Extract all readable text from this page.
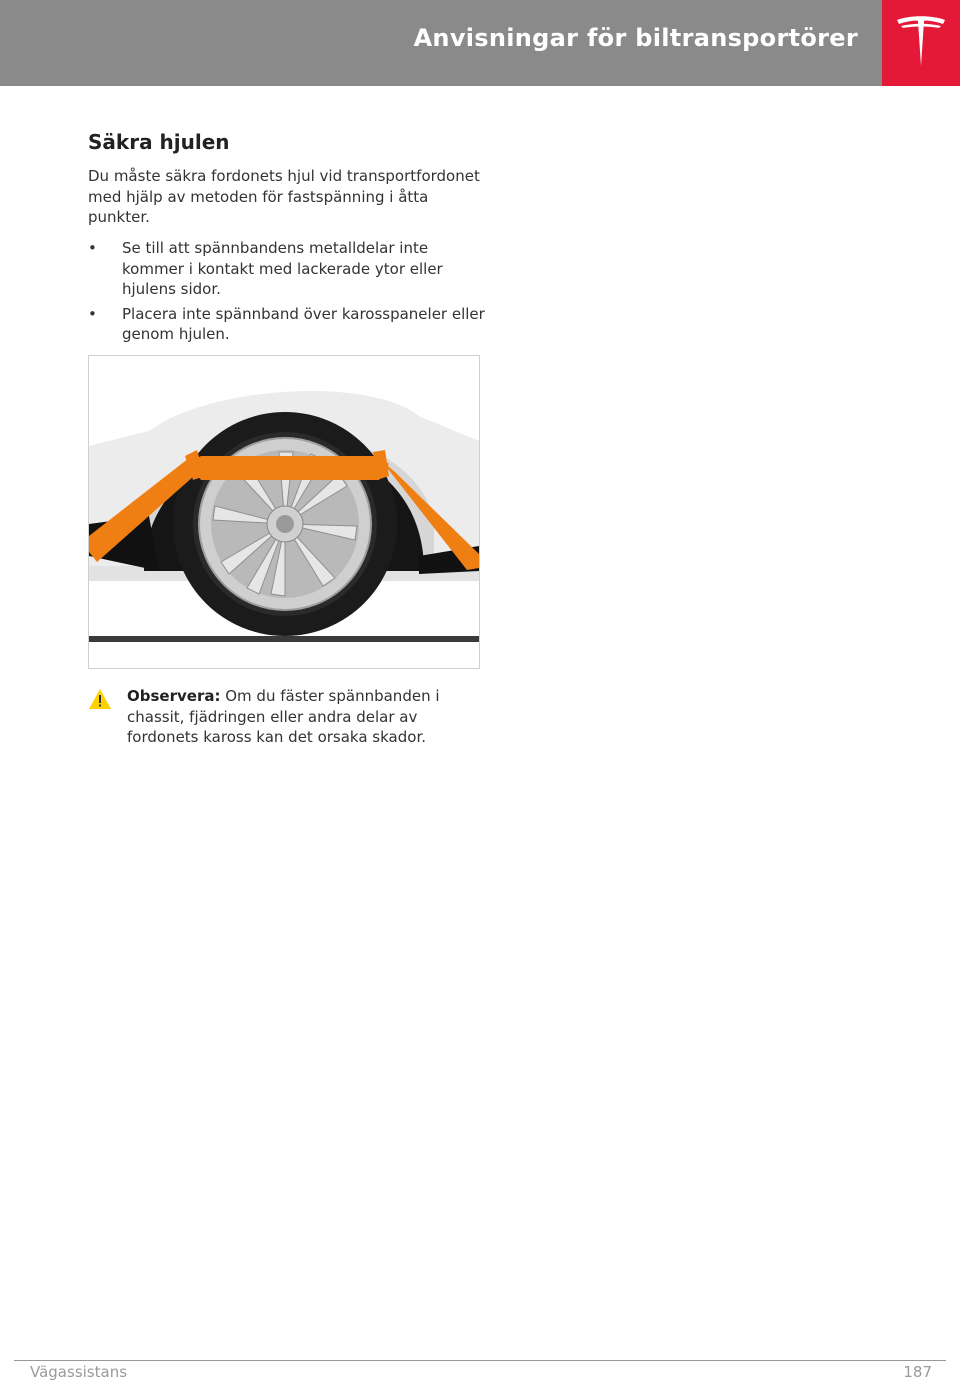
Anvisningar för biltransportörer
Säkra hjulen
Du måste säkra fordonets hjul vid transportfordonet med hjälp av metoden för fastspänning i åtta punkter.
• Se till att spännbandens metalldelar inte kommer i kontakt med lackerade ytor eller hjulens sidor.
• Placera inte spännband över karosspaneler eller genom hjulen.
Observera: Om du fäster spännbanden i chassit, fjädringen eller andra delar av fordonets kaross kan det orsaka skador.
Vägassistans	187
